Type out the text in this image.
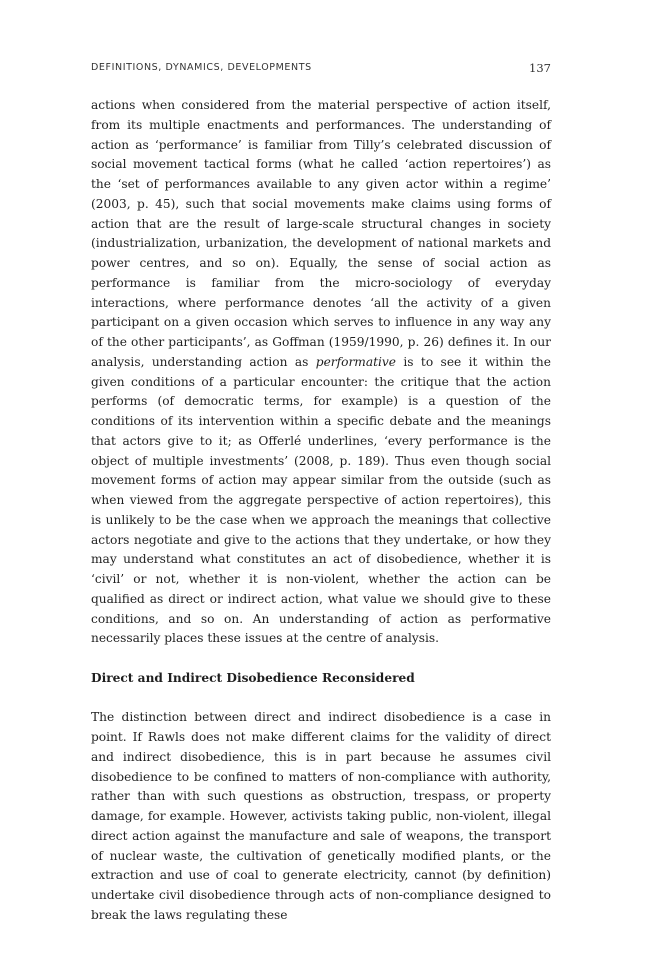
DEFINITIONS, DYNAMICS, DEVELOPMENTS	137

actions when considered from the material perspective of action itself, from its multiple enactments and performances. The understanding of action as ‘performance’ is familiar from Tilly’s celebrated discussion of social movement tactical forms (what he called ‘action repertoires’) as the ‘set of performances available to any given actor within a regime’ (2003, p. 45), such that social movements make claims using forms of action that are the result of large-scale structural changes in society (industrialization, urbanization, the development of national markets and power centres, and so on). Equally, the sense of social action as performance is familiar from the micro-sociology of everyday interactions, where performance denotes ‘all the activity of a given participant on a given occasion which serves to influence in any way any of the other participants’, as Goffman (1959/1990, p. 26) defines it. In our analysis, understanding action as performative is to see it within the given conditions of a particular encounter: the critique that the action performs (of democratic terms, for example) is a question of the conditions of its intervention within a specific debate and the meanings that actors give to it; as Offerlé underlines, ‘every performance is the object of multiple investments’ (2008, p. 189). Thus even though social movement forms of action may appear similar from the outside (such as when viewed from the aggregate perspective of action repertoires), this is unlikely to be the case when we approach the meanings that collective actors negotiate and give to the actions that they undertake, or how they may understand what constitutes an act of disobedience, whether it is ‘civil’ or not, whether it is non-violent, whether the action can be qualified as direct or indirect action, what value we should give to these conditions, and so on. An understanding of action as performative necessarily places these issues at the centre of analysis.

Direct and Indirect Disobedience Reconsidered

The distinction between direct and indirect disobedience is a case in point. If Rawls does not make different claims for the validity of direct and indirect disobedience, this is in part because he assumes civil disobedience to be confined to matters of non-compliance with authority, rather than with such questions as obstruction, trespass, or property damage, for example. However, activists taking public, non-violent, illegal direct action against the manufacture and sale of weapons, the transport of nuclear waste, the cultivation of genetically modified plants, or the extraction and use of coal to generate electricity, cannot (by definition) undertake civil disobedience through acts of non-compliance designed to break the laws regulating these
